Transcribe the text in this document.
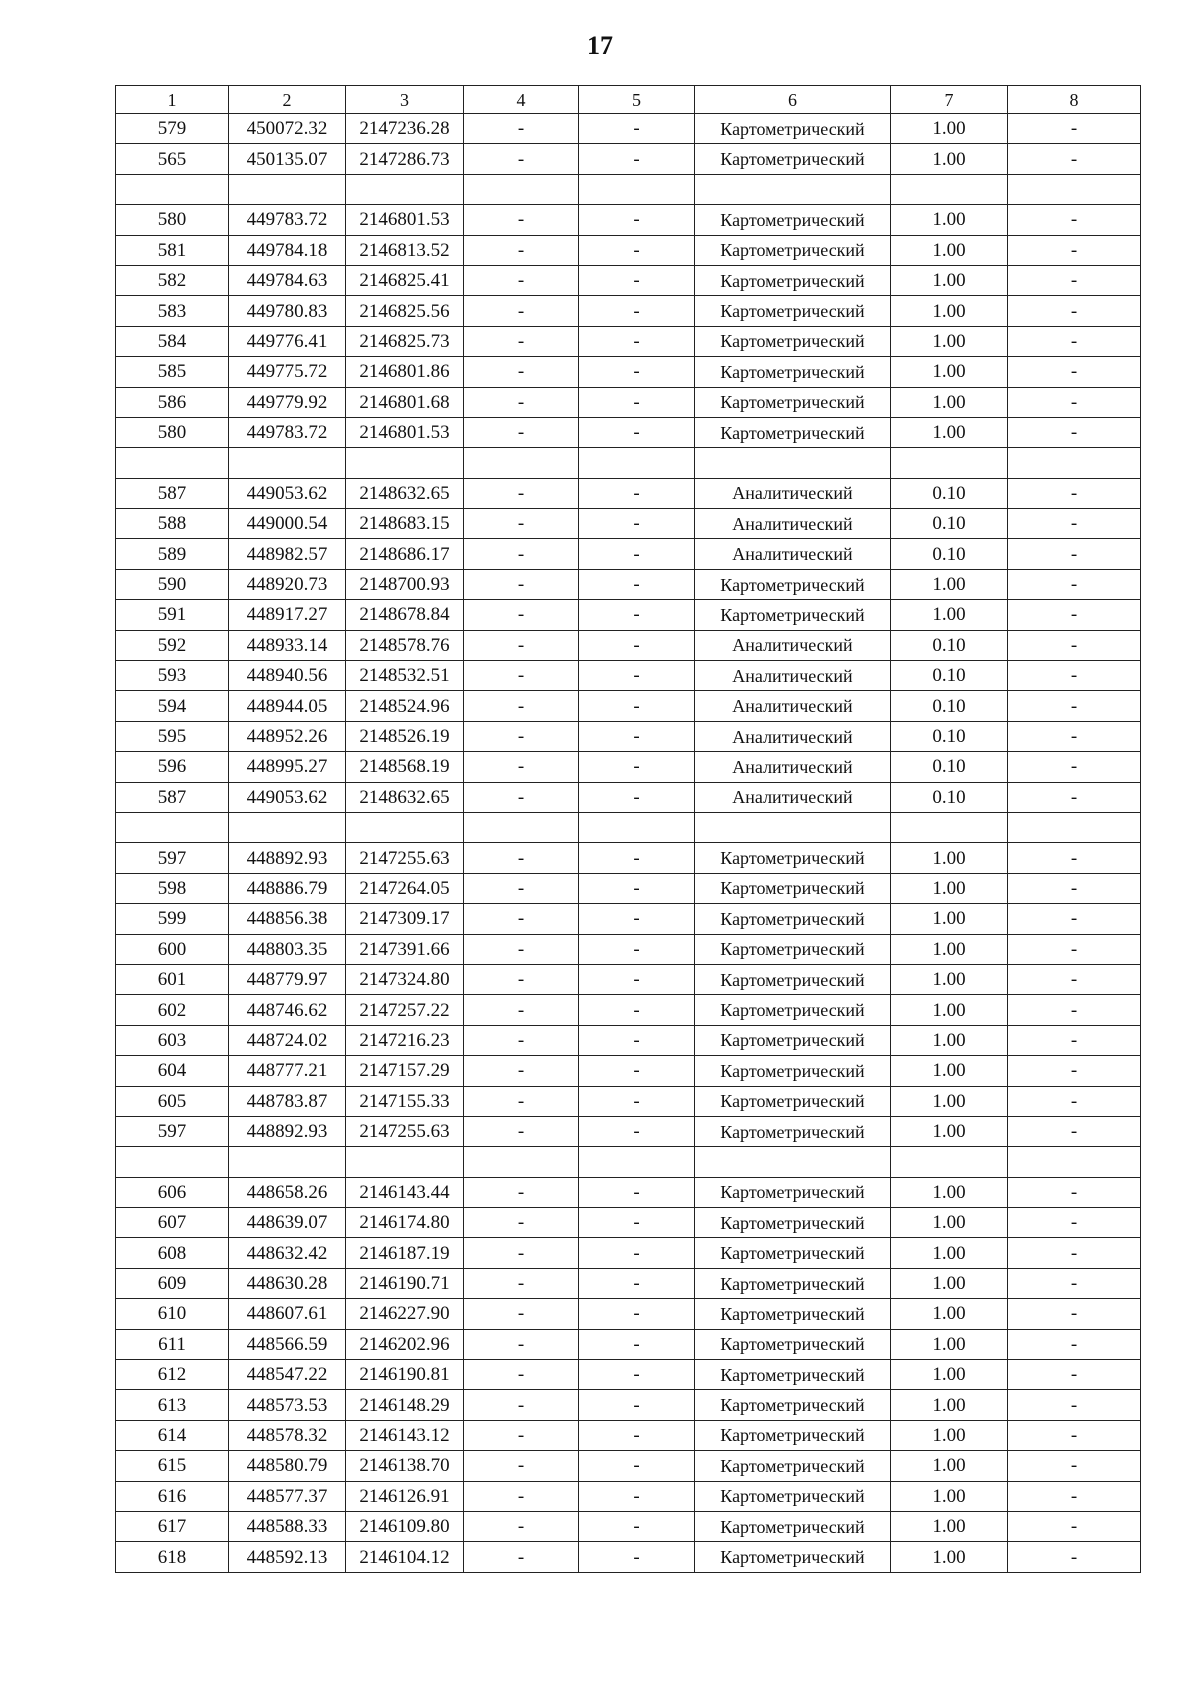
17
1	2	3	4	5	6	7	8
579	450072.32	2147236.28	-	-	Картометрический	1.00	-
565	450135.07	2147286.73	-	-	Картометрический	1.00	-

580	449783.72	2146801.53	-	-	Картометрический	1.00	-
581	449784.18	2146813.52	-	-	Картометрический	1.00	-
582	449784.63	2146825.41	-	-	Картометрический	1.00	-
583	449780.83	2146825.56	-	-	Картометрический	1.00	-
584	449776.41	2146825.73	-	-	Картометрический	1.00	-
585	449775.72	2146801.86	-	-	Картометрический	1.00	-
586	449779.92	2146801.68	-	-	Картометрический	1.00	-
580	449783.72	2146801.53	-	-	Картометрический	1.00	-

587	449053.62	2148632.65	-	-	Аналитический	0.10	-
588	449000.54	2148683.15	-	-	Аналитический	0.10	-
589	448982.57	2148686.17	-	-	Аналитический	0.10	-
590	448920.73	2148700.93	-	-	Картометрический	1.00	-
591	448917.27	2148678.84	-	-	Картометрический	1.00	-
592	448933.14	2148578.76	-	-	Аналитический	0.10	-
593	448940.56	2148532.51	-	-	Аналитический	0.10	-
594	448944.05	2148524.96	-	-	Аналитический	0.10	-
595	448952.26	2148526.19	-	-	Аналитический	0.10	-
596	448995.27	2148568.19	-	-	Аналитический	0.10	-
587	449053.62	2148632.65	-	-	Аналитический	0.10	-

597	448892.93	2147255.63	-	-	Картометрический	1.00	-
598	448886.79	2147264.05	-	-	Картометрический	1.00	-
599	448856.38	2147309.17	-	-	Картометрический	1.00	-
600	448803.35	2147391.66	-	-	Картометрический	1.00	-
601	448779.97	2147324.80	-	-	Картометрический	1.00	-
602	448746.62	2147257.22	-	-	Картометрический	1.00	-
603	448724.02	2147216.23	-	-	Картометрический	1.00	-
604	448777.21	2147157.29	-	-	Картометрический	1.00	-
605	448783.87	2147155.33	-	-	Картометрический	1.00	-
597	448892.93	2147255.63	-	-	Картометрический	1.00	-

606	448658.26	2146143.44	-	-	Картометрический	1.00	-
607	448639.07	2146174.80	-	-	Картометрический	1.00	-
608	448632.42	2146187.19	-	-	Картометрический	1.00	-
609	448630.28	2146190.71	-	-	Картометрический	1.00	-
610	448607.61	2146227.90	-	-	Картометрический	1.00	-
611	448566.59	2146202.96	-	-	Картометрический	1.00	-
612	448547.22	2146190.81	-	-	Картометрический	1.00	-
613	448573.53	2146148.29	-	-	Картометрический	1.00	-
614	448578.32	2146143.12	-	-	Картометрический	1.00	-
615	448580.79	2146138.70	-	-	Картометрический	1.00	-
616	448577.37	2146126.91	-	-	Картометрический	1.00	-
617	448588.33	2146109.80	-	-	Картометрический	1.00	-
618	448592.13	2146104.12	-	-	Картометрический	1.00	-
